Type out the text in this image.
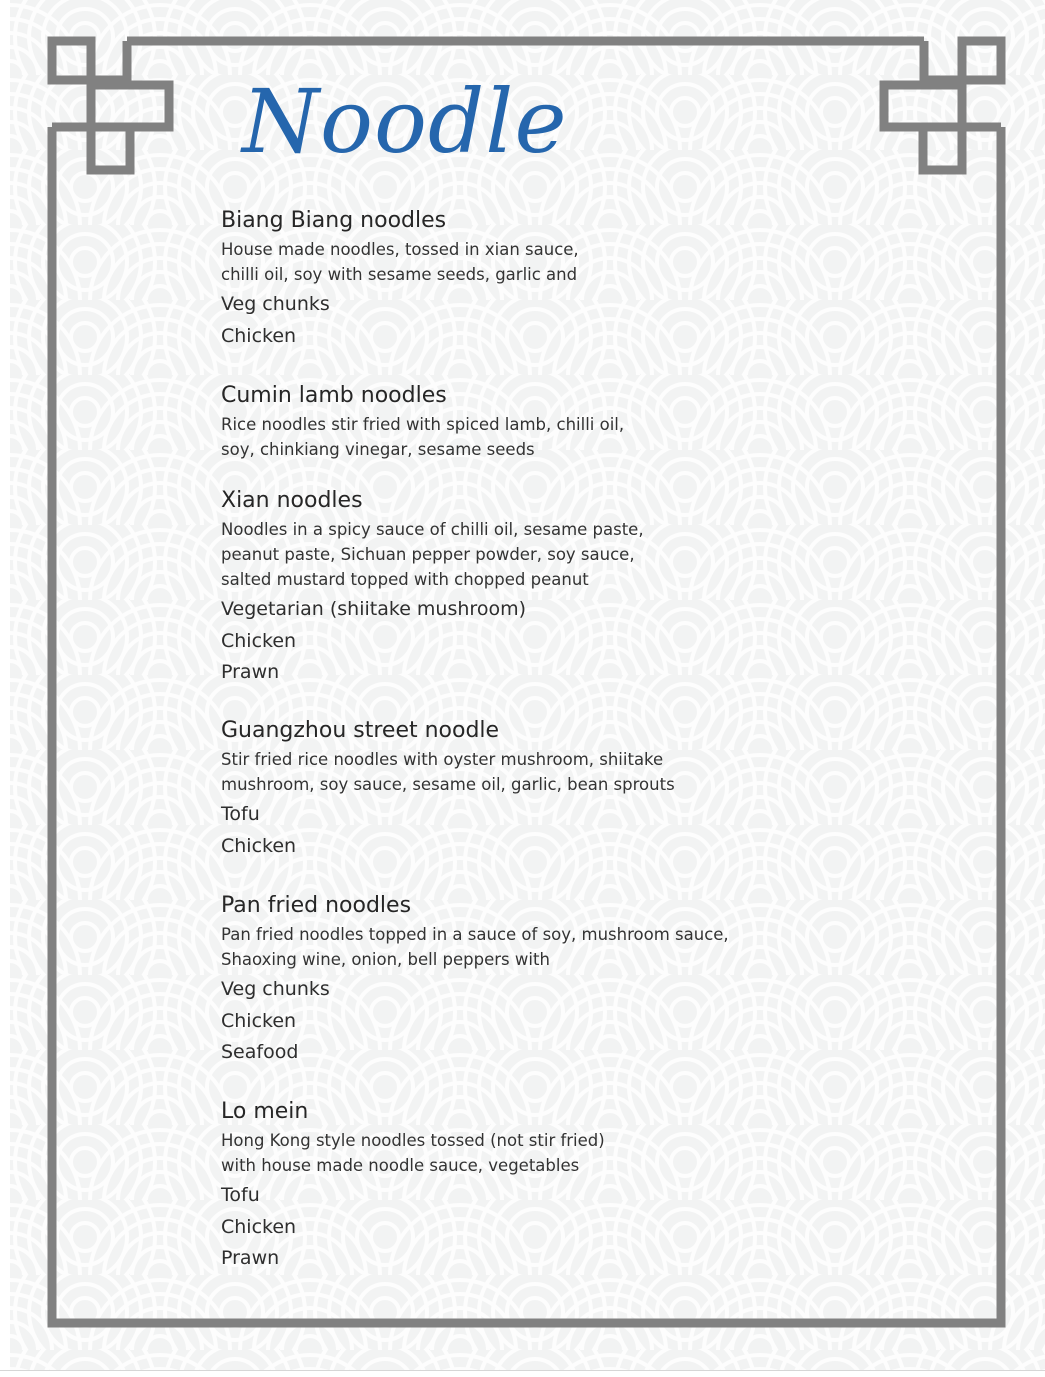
Noodle
Biang Biang noodles

House made noodles, tossed in xian sauce,

chilli oil, soy with sesame seeds, garlic and

Veg chunks
Chicken
Cumin lamb noodles

Rice noodles stir fried with spiced lamb, chilli oil,

soy, chinkiang vinegar, sesame seeds

Xian noodles

Noodles in a spicy sauce of chilli oil, sesame paste,

peanut paste, Sichuan pepper powder, soy sauce,

salted mustard topped with chopped peanut

Vegetarian (shiitake mushroom)
Chicken
Prawn
Guangzhou street noodle

Stir fried rice noodles with oyster mushroom, shiitake

mushroom, soy sauce, sesame oil, garlic, bean sprouts

Tofu
Chicken
Pan fried noodles

Pan fried noodles topped in a sauce of soy, mushroom sauce,

Shaoxing wine, onion, bell peppers with

Veg chunks
Chicken
Seafood
Lo mein

Hong Kong style noodles tossed (not stir fried)

with house made noodle sauce, vegetables

Tofu
Chicken
Prawn
